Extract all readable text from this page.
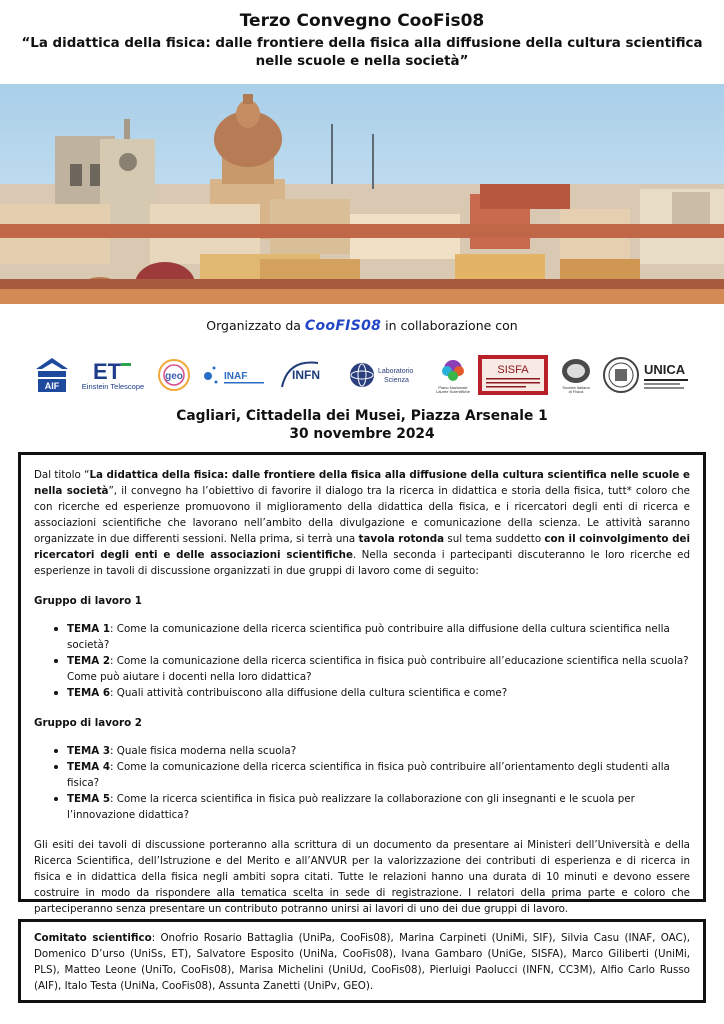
Terzo Convegno CooFis08
“La didattica della fisica: dalle frontiere della fisica alla diffusione della cultura scientifica nelle scuole e nella società”
Organizzato da CooFIS08 in collaborazione con
AIF
ET
Einstein Telescope
geo	INAF	INFN	Laboratorio
Scienza
Piano Nazionale
Lauree Scientifiche
SISFA
Società Italiana
di Fisica
UNICA
Cagliari, Cittadella dei Musei, Piazza Arsenale 1
30 novembre 2024

Dal titolo “La didattica della fisica: dalle frontiere della fisica alla diffusione della cultura scientifica nelle scuole e nella società”, il convegno ha l’obiettivo di favorire il dialogo tra la ricerca in didattica e storia della fisica, tutt* coloro che con ricerche ed esperienze promuovono il miglioramento della didattica della fisica, e i ricercatori degli enti di ricerca e associazioni scientifiche che lavorano nell’ambito della divulgazione e comunicazione della scienza. Le attività saranno organizzate in due differenti sessioni. Nella prima, si terrà una tavola rotonda sul tema suddetto con il coinvolgimento dei ricercatori degli enti e delle associazioni scientifiche. Nella seconda i partecipanti discuteranno le loro ricerche ed esperienze in tavoli di discussione organizzati in due gruppi di lavoro come di seguito:

Gruppo di lavoro 1
TEMA 1: Come la comunicazione della ricerca scientifica può contribuire alla diffusione della cultura scientifica nella società?
TEMA 2: Come la comunicazione della ricerca scientifica in fisica può contribuire all’educazione scientifica nella scuola? Come può aiutare i docenti nella loro didattica?
TEMA 6: Quali attività contribuiscono alla diffusione della cultura scientifica e come?
Gruppo di lavoro 2
TEMA 3: Quale fisica moderna nella scuola?
TEMA 4: Come la comunicazione della ricerca scientifica in fisica può contribuire all’orientamento degli studenti alla fisica?
TEMA 5: Come la ricerca scientifica in fisica può realizzare la collaborazione con gli insegnanti e le scuola per l’innovazione didattica?

Gli esiti dei tavoli di discussione porteranno alla scrittura di un documento da presentare ai Ministeri dell’Università e della Ricerca Scientifica, dell’Istruzione e del Merito e all’ANVUR per la valorizzazione dei contributi di esperienza e di ricerca in fisica e in didattica della fisica negli ambiti sopra citati. Tutte le relazioni hanno una durata di 10 minuti e devono essere costruire in modo da rispondere alla tematica scelta in sede di registrazione. I relatori della prima parte e coloro che parteciperanno senza presentare un contributo potranno unirsi ai lavori di uno dei due gruppi di lavoro.

Comitato scientifico: Onofrio Rosario Battaglia (UniPa, CooFis08), Marina Carpineti (UniMi, SIF), Silvia Casu (INAF, OAC), Domenico D’urso (UniSs, ET), Salvatore Esposito (UniNa, CooFis08), Ivana Gambaro (UniGe, SISFA), Marco Giliberti (UniMi, PLS), Matteo Leone (UniTo, CooFis08), Marisa Michelini (UniUd, CooFis08), Pierluigi Paolucci (INFN, CC3M), Alfio Carlo Russo (AIF), Italo Testa (UniNa, CooFis08), Assunta Zanetti (UniPv, GEO).
